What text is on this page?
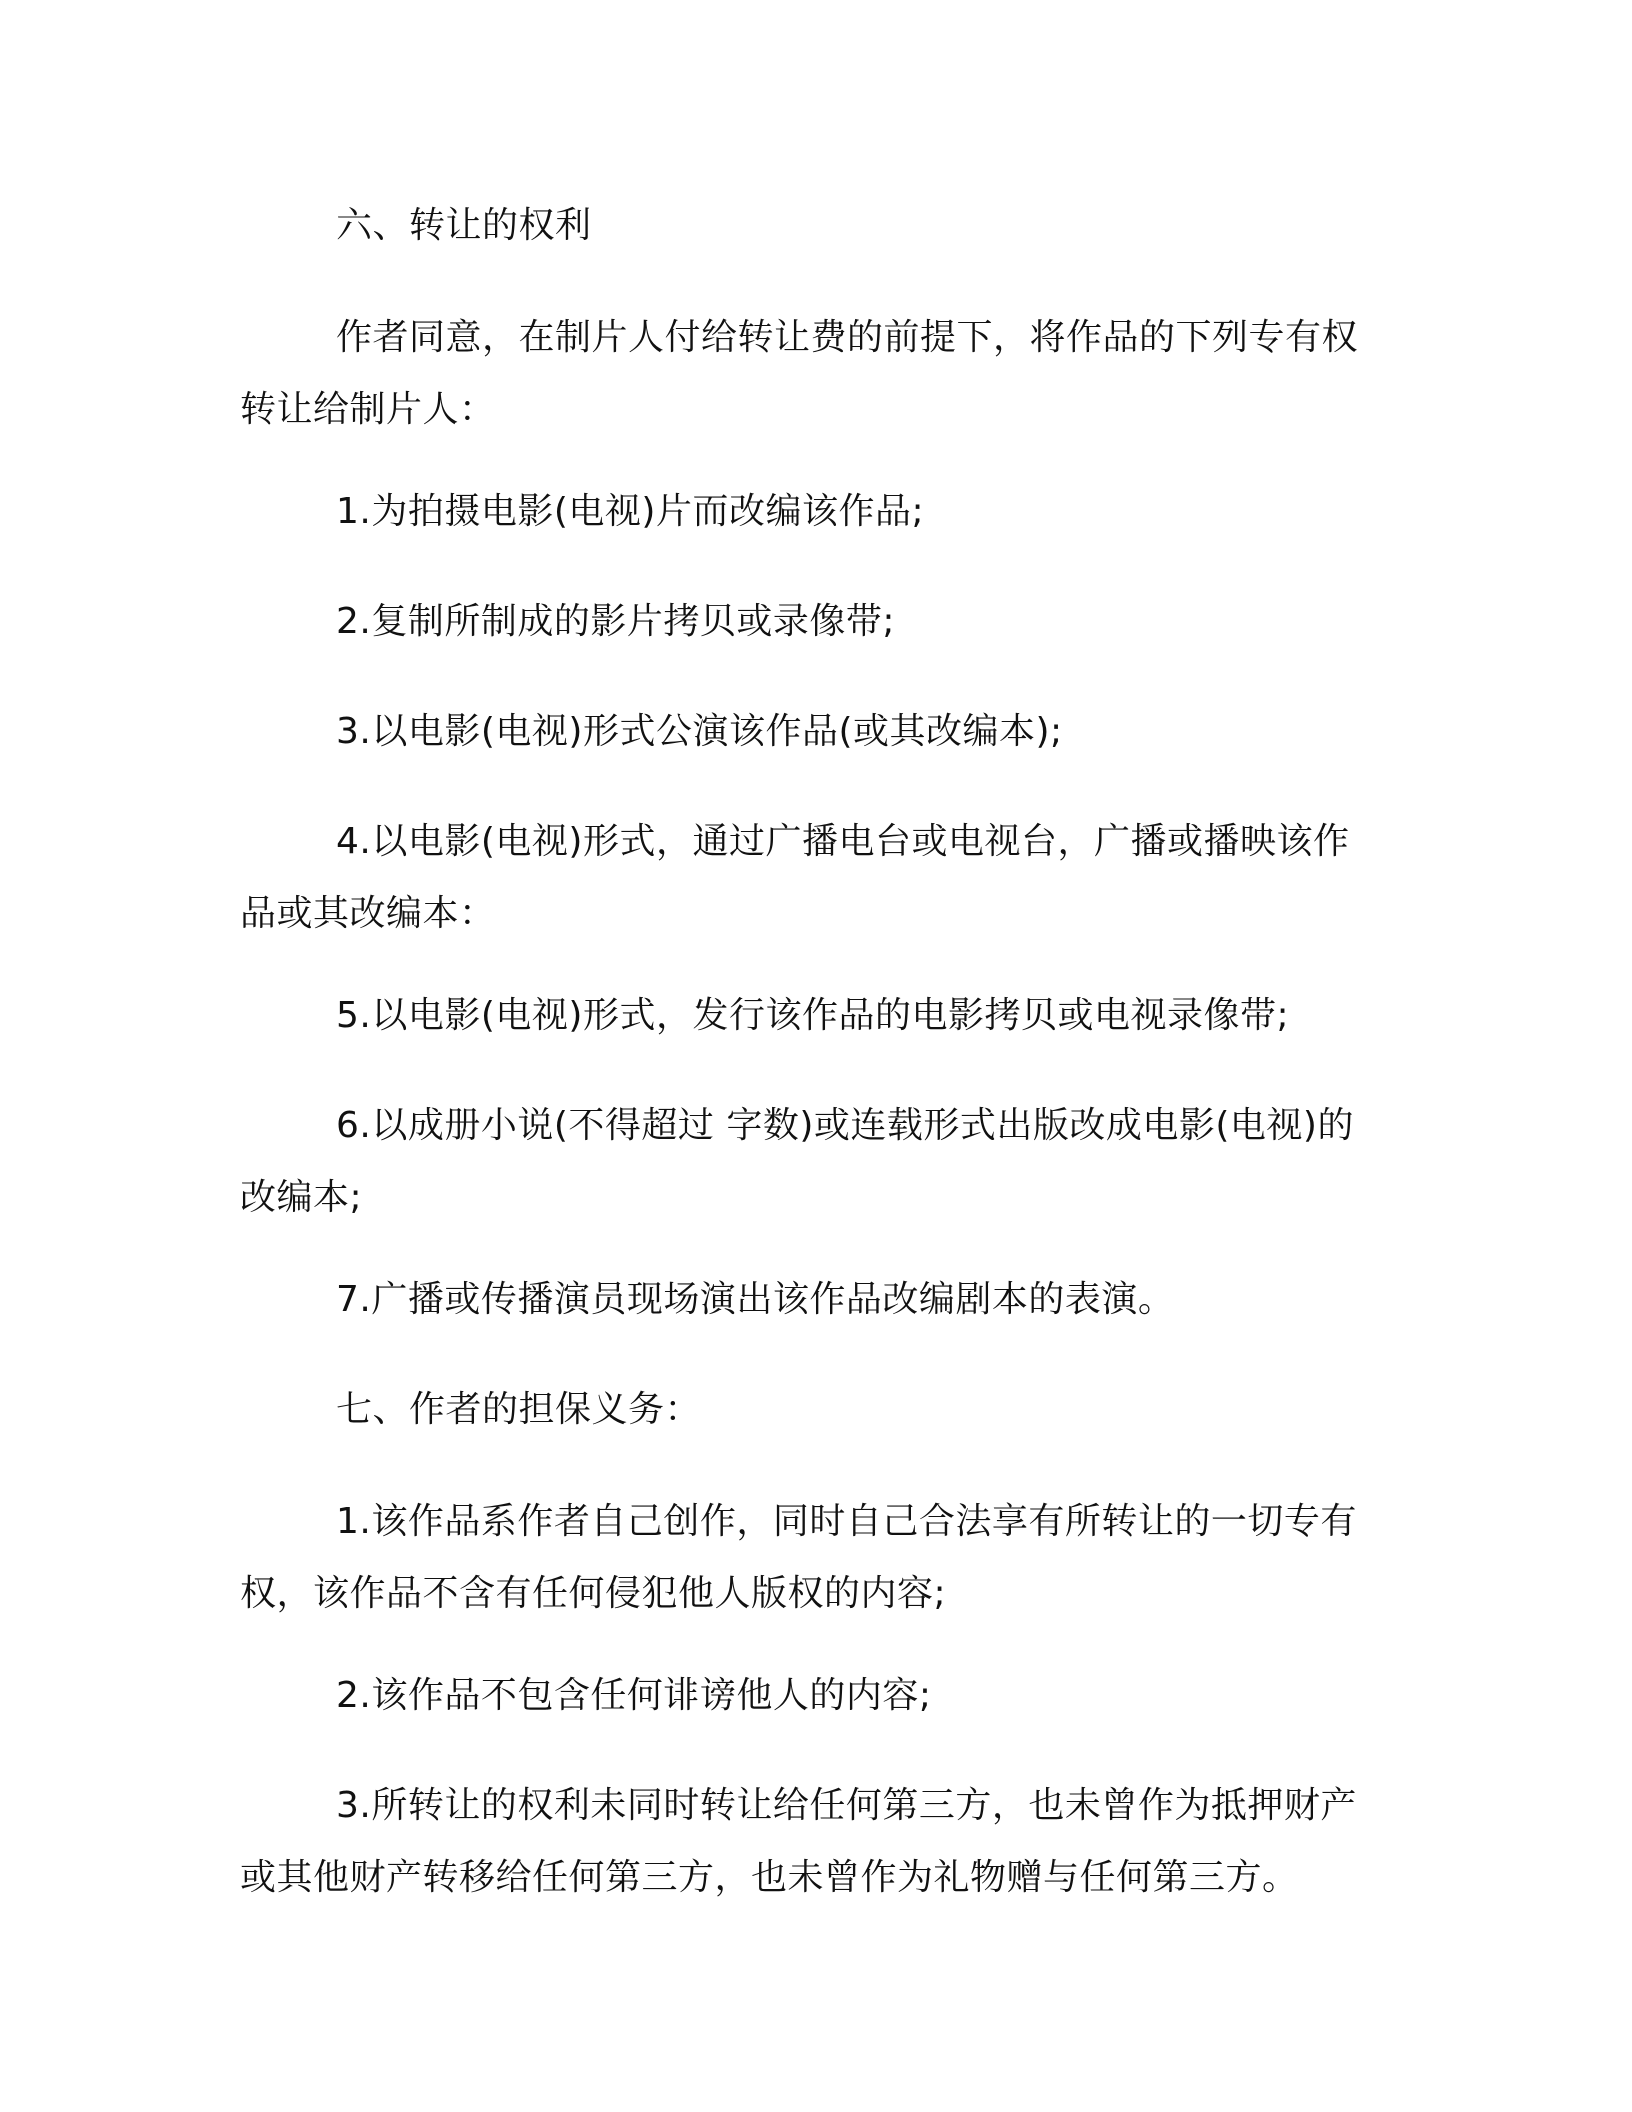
六、转让的权利

作者同意，在制片人付给转让费的前提下，将作品的下列专有权转让给制片人：

1.为拍摄电影(电视)片而改编该作品;

2.复制所制成的影片拷贝或录像带;

3.以电影(电视)形式公演该作品(或其改编本);

4.以电影(电视)形式，通过广播电台或电视台，广播或播映该作品或其改编本：

5.以电影(电视)形式，发行该作品的电影拷贝或电视录像带;

6.以成册小说(不得超过 字数)或连载形式出版改成电影(电视)的改编本;

7.广播或传播演员现场演出该作品改编剧本的表演。

七、作者的担保义务：

1.该作品系作者自己创作，同时自己合法享有所转让的一切专有权，该作品不含有任何侵犯他人版权的内容;

2.该作品不包含任何诽谤他人的内容;

3.所转让的权利未同时转让给任何第三方，也未曾作为抵押财产或其他财产转移给任何第三方，也未曾作为礼物赠与任何第三方。
